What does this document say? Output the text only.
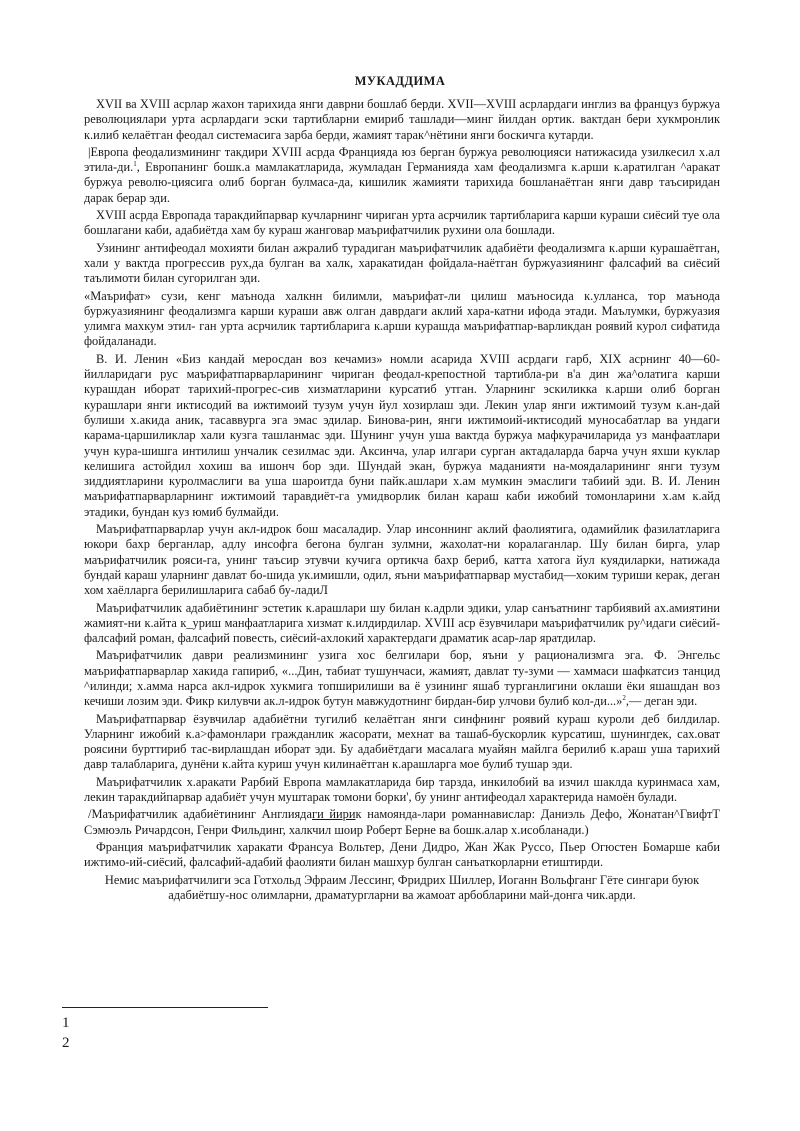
МУКАДДИМА

XVII ва XVIII асрлар жахон тарихида янги даврни бошлаб берди. XVII—XVIII асрлардаги инглиз ва француз буржуа революциялари урта асрлардаги эски тартибларни емириб ташлади—минг йилдан ортик. вактдан бери хукмронлик к.илиб келаётган феодал системасига зарба берди, жамият тарак^нётини янги боскичга кутарди.

|Европа феодализмининг такдири XVIII асрда Францияда юз берган буржуа революцияси натижасида узилкесил х.ал этила-ди.$^1$, Европанинг бошк.а мамлакатларида, жумладан Германияда хам феодализмга к.арши к.аратилган ^аракат буржуа револю-циясига олиб борган булмаса-да, кишилик жамияти тарихида бошланаётган янги давр таъсиридан дарак берар эди.

XVIII асрда Европада таракдийпарвар кучларнинг чириган урта асрчилик тартибларига карши кураши сиёсий туе ола бошлагани каби, адабиётда хам бу кураш жанговар маърифатчилик рухини ола бошлади.

Узининг антифеодал мохияти билан ажралиб турадиган маърифатчилик адабиёти феодализмга к.арши курашаётган, хали у вактда прогрессив рух,да булган ва халк, харакатидан фойдала-наётган буржуазиянинг фалсафий ва сиёсий таълимоти билан сугорилган эди.

«Маърифат» сузи, кенг маънода халкнн билимли, маърифат-ли цилиш маъносида к.улланса, тор маънода буржуазиянинг феодализмга карши кураши авж олган даврдаги аклий хара-катни ифода этади. Маълумки, буржуазия улимга махкум этил- ган урта асрчилик тартибларига к.арши курашда маърифатпар-варликдан роявий курол сифатида фойдаланади.

В. И. Ленин «Биз кандай меросдан воз кечамиз» номли асарида XVIII асрдаги гарб, XIX асрнинг 40—60-йилларидаги рус маърифатпарварларининг чириган феодал-крепостной тартибла-ри в'а дин жа^олатига карши курашдан иборат тарихий-прогрес-сив хизматларини курсатиб утган. Уларнинг эскиликка к.арши олиб борган курашлари янги иктисодий ва ижтимоий тузум учун йул хозирлаш эди. Лекин улар янги ижтимоий тузум к.ан-дай булиши х.акида аник, тасаввурга эга эмас эдилар. Бинова-рин, янги ижтимоий-иктисодий муносабатлар ва ундаги карама-царшиликлар хали кузга ташланмас эди. Шунинг учун уша вактда буржуа мафкурачиларида уз манфаатлари учун кура-шишга интилиш унчалик сезилмас эди. Аксинча, улар илгари сурган актадаларда барча учун яхши куклар келишига астойдил хохиш ва ишонч бор эди. Шундай экан, буржуа маданияти на-моядаларининг янги тузум зиддиятларини куролмаслиги ва уша шароитда буни пайк.ашлари х.ам мумкин эмаслиги табиий эди. В. И. Ленин маърифатпарварларнинг ижтимоий таравдиёт-га умидворлик билан караш каби ижобий томонларини х.ам к.айд этадики, бундан куз юмиб булмайди.

Маърифатпарварлар учун акл-идрок бош масаладир. Улар инсоннинг аклий фаолиятига, одамийлик фазилатларига юкори бахр берганлар, адлу инсофга бегона булган зулмни, жахолат-ни коралаганлар. Шу билан бирга, улар маърифатчилик рояси-га, унинг таъсир этувчи кучига ортикча бахр бериб, катта хатога йул куядиларки, натижада бундай караш уларнинг давлат бо-шида ук.имишли, одил, яъни маърифатпарвар мустабид—хоким туриши керак, деган хом хаёлларга берилишларига сабаб бу-ладиЛ

Маърифатчилик адабиётининг эстетик к.арашлари шу билан к.адрли эдики, улар санъатнинг тарбиявий ах.амиятини жамият-ни к.айта к_уриш манфаатларига хизмат к.илдирдилар. XVIII аср ёзувчилари маърифатчилик ру^идаги сиёсий-фалсафий роман, фалсафий повесть, сиёсий-ахлокий характердаги драматик асар-лар яратдилар.

Маърифатчилик даври реализмининг узига хос белгилари бор, яъни у рационализмга эга. Ф. Энгельс маърифатпарварлар хакида гапириб, «...Дин, табиат тушунчаси, жамият, давлат ту-зуми — хаммаси шафкатсиз танцид ^илинди; х.амма нарса акл-идрок хукмига топширилиши ва ё узининг яшаб турганлигини оклаши ёки яшашдан воз кечиши лозим эди. Фикр килувчи ак.л-идрок бутун мавжудотнинг бирдан-бир улчови булиб кол-ди...»$^2$,— деган эди.

Маърифатпарвар ёзувчилар адабиётни тугилиб келаётган янги синфнинг роявий кураш куроли деб билдилар. Уларнинг ижобий к.а>фамонлари гражданлик жасорати, мехнат ва ташаб-бускорлик курсатиш, шунингдек, сах.оват роясини бурттириб тас-вирлашдан иборат эди. Бу адабиётдаги масалага муайян майлга берилиб к.араш уша тарихий давр талабларига, дунёни к.айта куриш учун килинаётган к.арашларга мое булиб тушар эди.

Маърифатчилик х.аракати Рарбий Европа мамлакатларида бир тарзда, инкилобий ва изчил шаклда куринмаса хам, лекин таракдийпарвар адабиёт учун муштарак томони борки', бу унинг антифеодал характерида намоён булади.

/Маърифатчилик адабиётининг Англиядаги йирик намоянда-лари романнавислар: Даниэль Дефо, Жонатан^ГвифтТ Сэмюэль Ричардсон, Генри Фильдинг, халкчил шоир Роберт Берне ва бошк.алар х.исобланади.)

Франция маърифатчилик харакати Франсуа Вольтер, Дени Дидро, Жан Жак Руссо, Пьер Огюстен Бомарше каби ижтимо-ий-сиёсий, фалсафий-адабий фаолияти билан машхур булган санъаткорларни етиштирди.

Немис маърифатчилиги эса Готхольд Эфраим Лессинг, Фридрих Шиллер, Иоганн Вольфганг Гёте сингари буюк адабиётшу-нос олимларни, драматургларни ва жамоат арбобларини май-донга чик.арди.

1
2
